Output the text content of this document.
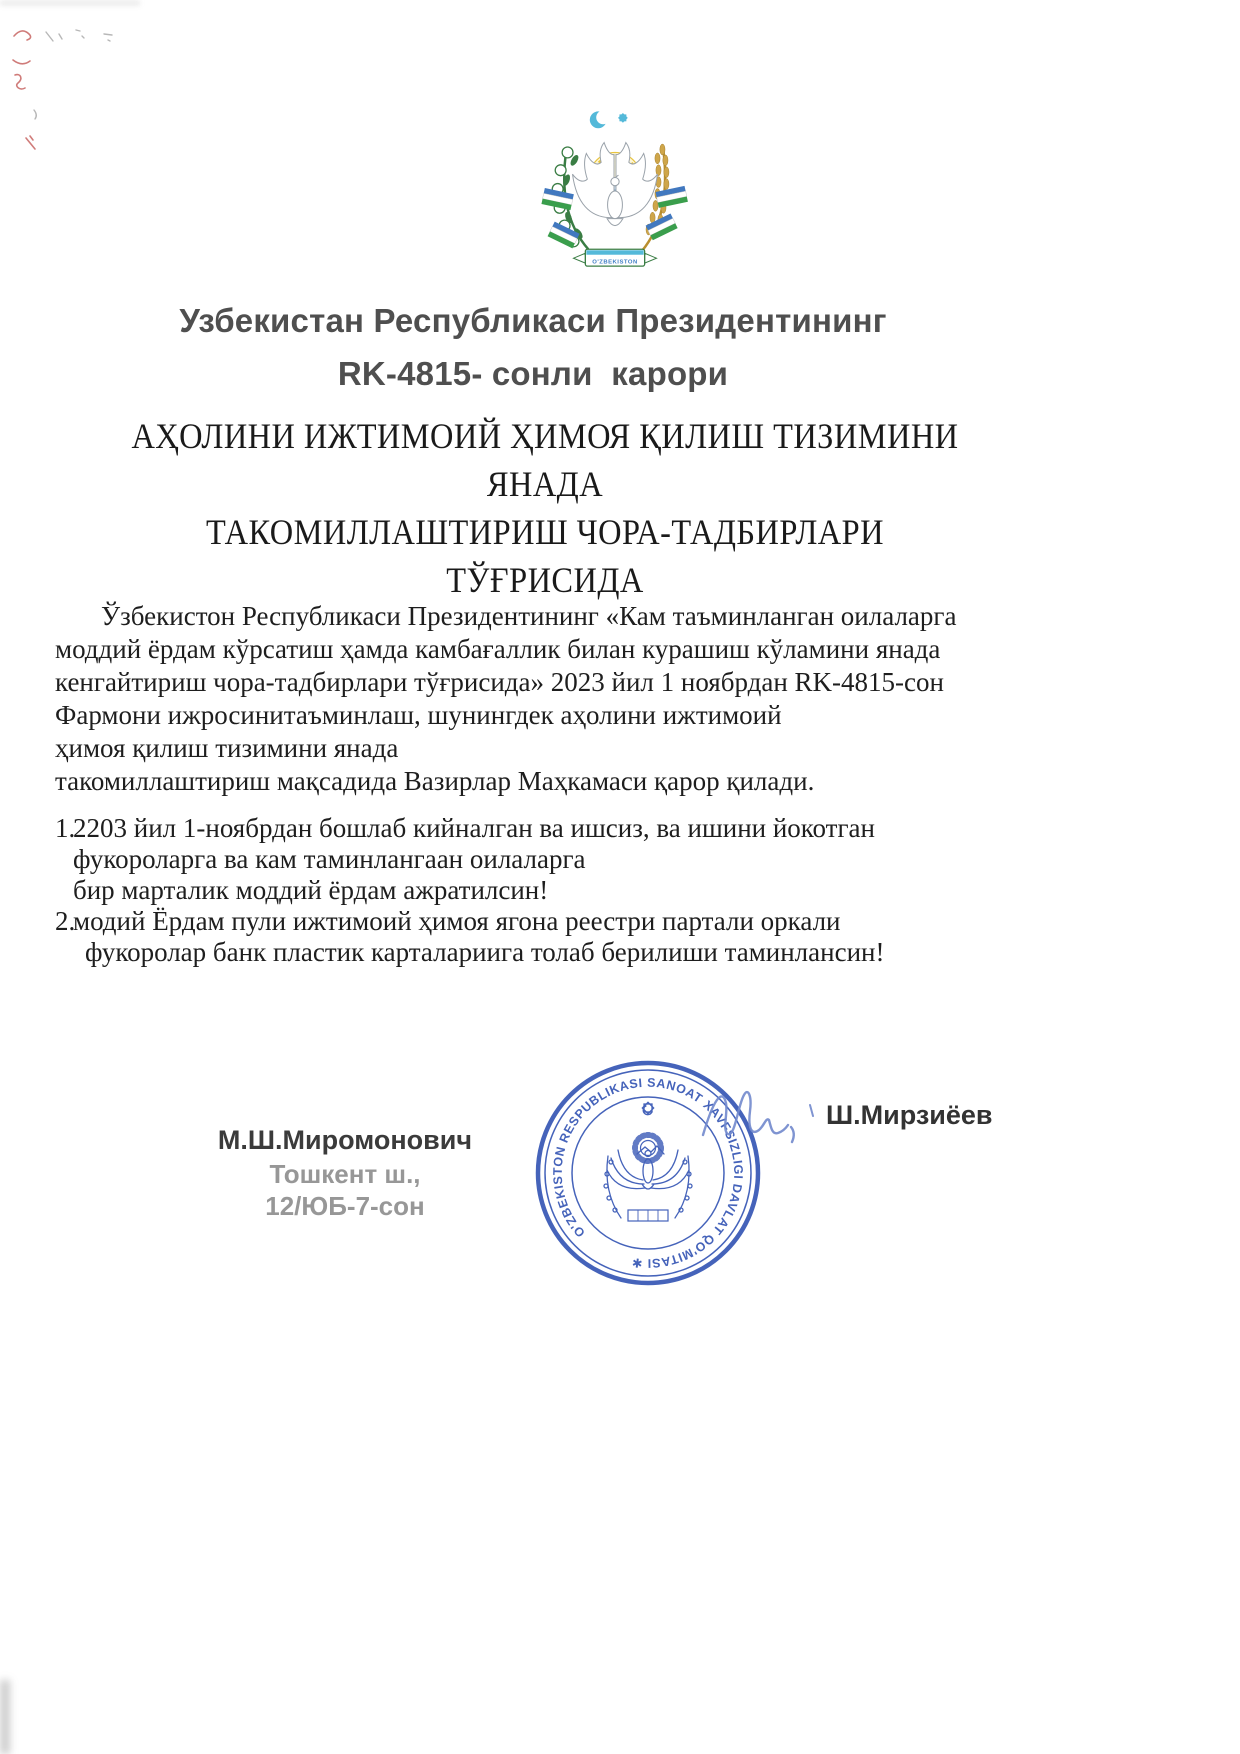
O'ZBEKISTON
Узбекистан Республикаси Президентининг
RK-4815- сонли  карори
АҲОЛИНИ ИЖТИМОИЙ ҲИМОЯ ҚИЛИШ ТИЗИМИНИ ЯНАДА
ТАКОМИЛЛАШТИРИШ ЧОРА-ТАДБИРЛАРИ ТЎҒРИСИДА
Ўзбекистон Республикаси Президентининг «Кам таъминланган оилаларга
моддий ёрдам кўрсатиш ҳамда камбағаллик билан курашиш кўламини янада
кенгайтириш чора-тадбирлари тўғрисида» 2023 йил 1 ноябрдан RK-4815-сон
Фармони ижросинитаъминлаш, шунингдек аҳолини ижтимоий
ҳимоя қилиш тизимини янада
такомиллаштириш мақсадида Вазирлар Маҳкамаси қарор қилади.
1.
2203 йил 1-ноябрдан бошлаб кийналган ва ишсиз, ва ишини йокотган
фукороларга ва кам таминлангаан оилаларга
бир марталик моддий ёрдам ажратилсин!
2.
модий Ёрдам пули ижтимоий ҳимоя ягона реестри партали оркали
фукоролар банк пластик карталариига толаб берилиши таминлансин!
М.Ш.Миромонович
Тошкент ш.,
12/ЮБ-7-сон
O'ZBEKISTON RESPUBLIKASI SANOAT XAVFSIZLIGI DAVLAT QO'MITASI ✱
Ш.Мирзиёев
